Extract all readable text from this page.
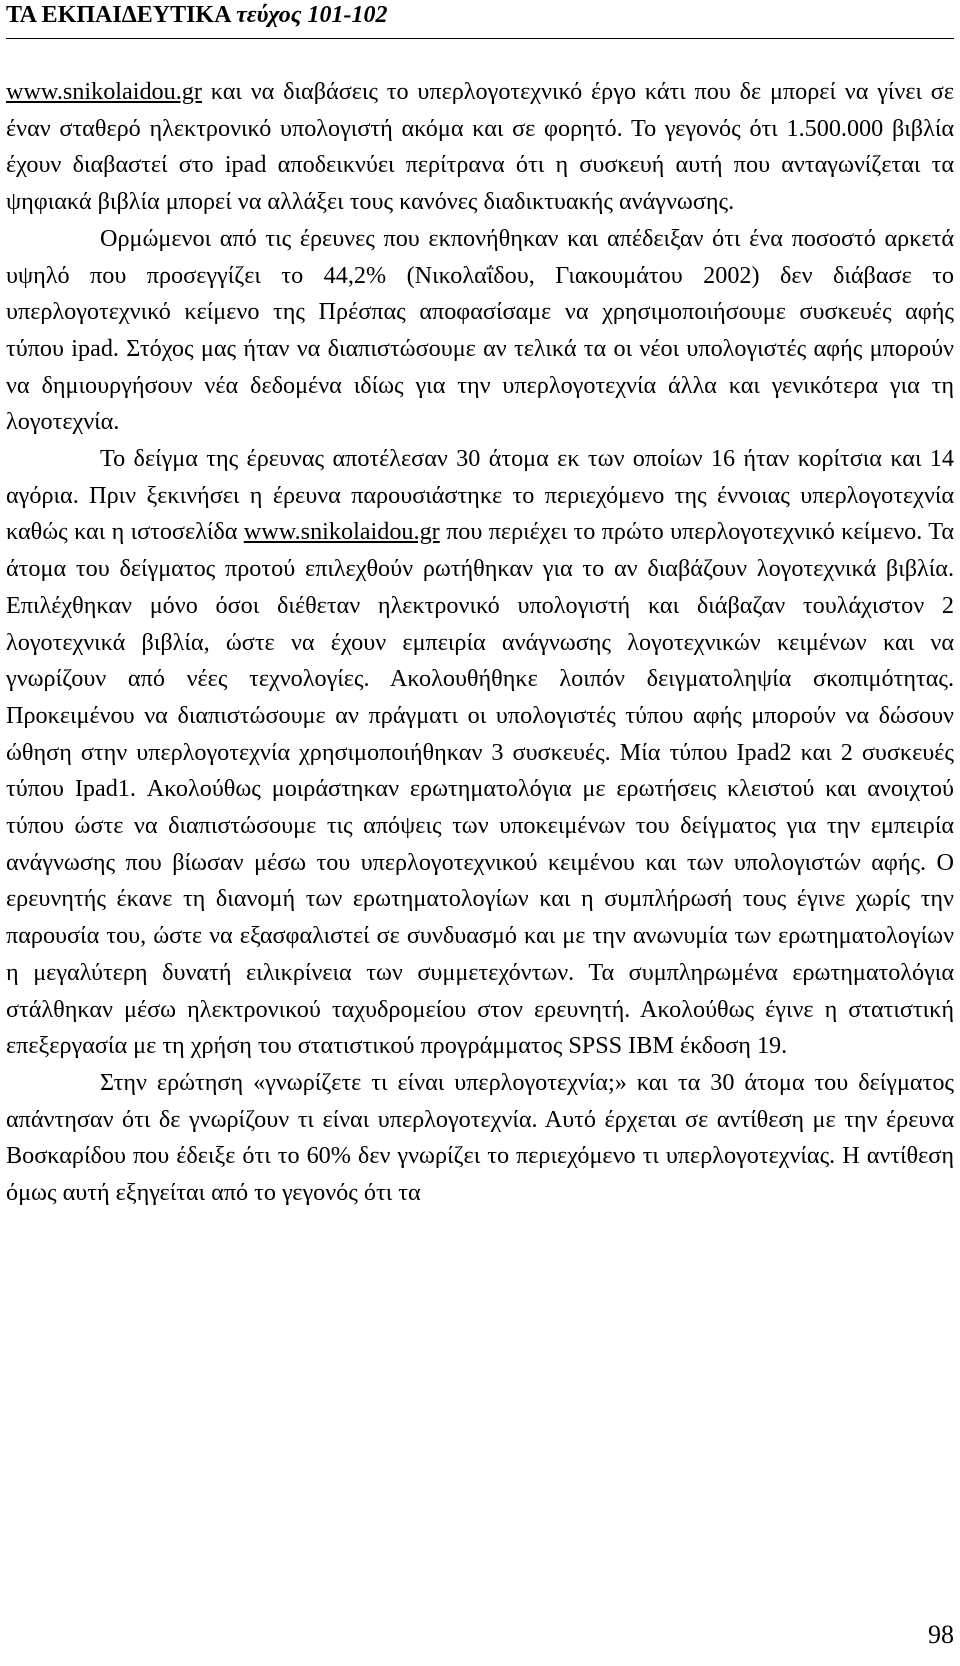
ΤΑ ΕΚΠΑΙΔΕΥΤΙΚΑ τεύχος 101-102

www.snikolaidou.gr και να διαβάσεις το υπερλογοτεχνικό έργο κάτι που δε μπορεί να γίνει σε έναν σταθερό ηλεκτρονικό υπολογιστή ακόμα και σε φορητό. Το γεγονός ότι 1.500.000 βιβλία έχουν διαβαστεί στο ipad αποδεικνύει περίτρανα ότι η συσκευή αυτή που ανταγωνίζεται τα ψηφιακά βιβλία μπορεί να αλλάξει τους κανόνες διαδικτυακής ανάγνωσης.

Ορμώμενοι από τις έρευνες που εκπονήθηκαν και απέδειξαν ότι ένα ποσοστό αρκετά υψηλό που προσεγγίζει το 44,2% (Νικολαΐδου, Γιακουμάτου 2002) δεν διάβασε το υπερλογοτεχνικό κείμενο της Πρέσπας αποφασίσαμε να χρησιμοποιήσουμε συσκευές αφής τύπου ipad. Στόχος μας ήταν να διαπιστώσουμε αν τελικά τα οι νέοι υπολογιστές αφής μπορούν να δημιουργήσουν νέα δεδομένα ιδίως για την υπερλογοτεχνία άλλα και γενικότερα για τη λογοτεχνία.

Το δείγμα της έρευνας αποτέλεσαν 30 άτομα εκ των οποίων 16 ήταν κορίτσια και 14 αγόρια. Πριν ξεκινήσει η έρευνα παρουσιάστηκε το περιεχόμενο της έννοιας υπερλογοτεχνία καθώς και η ιστοσελίδα www.snikolaidou.gr που περιέχει το πρώτο υπερλογοτεχνικό κείμενο. Τα άτομα του δείγματος προτού επιλεχθούν ρωτήθηκαν για το αν διαβάζουν λογοτεχνικά βιβλία. Επιλέχθηκαν μόνο όσοι διέθεταν ηλεκτρονικό υπολογιστή και διάβαζαν τουλάχιστον 2 λογοτεχνικά βιβλία, ώστε να έχουν εμπειρία ανάγνωσης λογοτεχνικών κειμένων και να γνωρίζουν από νέες τεχνολογίες. Ακολουθήθηκε λοιπόν δειγματοληψία σκοπιμότητας. Προκειμένου να διαπιστώσουμε αν πράγματι οι υπολογιστές τύπου αφής μπορούν να δώσουν ώθηση στην υπερλογοτεχνία χρησιμοποιήθηκαν 3 συσκευές. Μία τύπου Ipad2 και 2 συσκευές τύπου Ipad1. Ακολούθως μοιράστηκαν ερωτηματολόγια με ερωτήσεις κλειστού και ανοιχτού τύπου ώστε να διαπιστώσουμε τις απόψεις των υποκειμένων του δείγματος για την εμπειρία ανάγνωσης που βίωσαν μέσω του υπερλογοτεχνικού κειμένου και των υπολογιστών αφής. Ο ερευνητής έκανε τη διανομή των ερωτηματολογίων και η συμπλήρωσή τους έγινε χωρίς την παρουσία του, ώστε να εξασφαλιστεί σε συνδυασμό και με την ανωνυμία των ερωτηματολογίων η μεγαλύτερη δυνατή ειλικρίνεια των συμμετεχόντων. Τα συμπληρωμένα ερωτηματολόγια στάλθηκαν μέσω ηλεκτρονικού ταχυδρομείου στον ερευνητή. Ακολούθως έγινε η στατιστική επεξεργασία με τη χρήση του στατιστικού προγράμματος SPSS IBM έκδοση 19.

Στην ερώτηση «γνωρίζετε τι είναι υπερλογοτεχνία;» και τα 30 άτομα του δείγματος απάντησαν ότι δε γνωρίζουν τι είναι υπερλογοτεχνία. Αυτό έρχεται σε αντίθεση με την έρευνα Βοσκαρίδου που έδειξε ότι το 60% δεν γνωρίζει το περιεχόμενο τι υπερλογοτεχνίας. Η αντίθεση όμως αυτή εξηγείται από το γεγονός ότι τα

98
